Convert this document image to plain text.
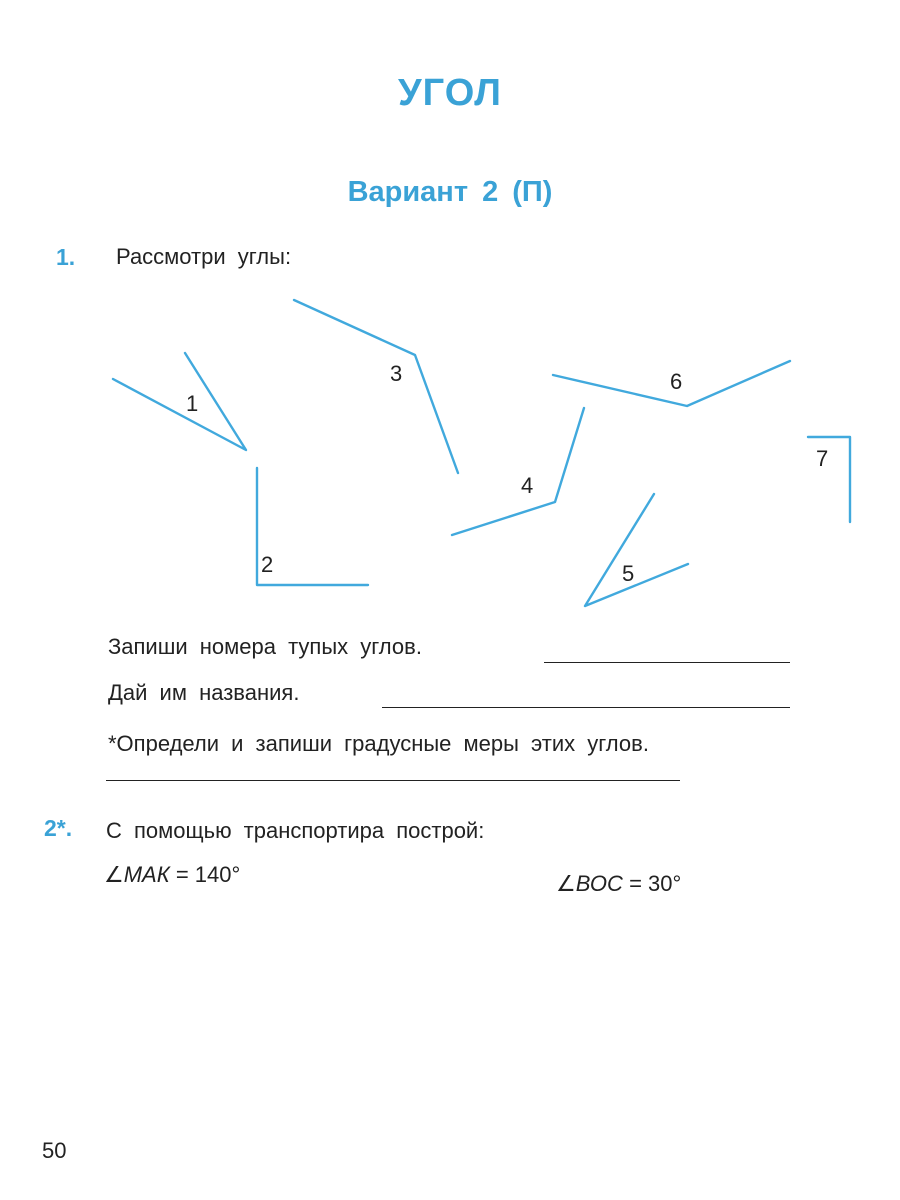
УГОЛ
Вариант 2 (П)
1. Рассмотри углы:
1
2
3
4
5
6
7
Запиши номера тупых углов.
Дай им названия.
*Определи и запиши градусные меры этих углов.
2*. С помощью транспортира построй:
∠МАК = 140°	∠ВОС = 30°
50
